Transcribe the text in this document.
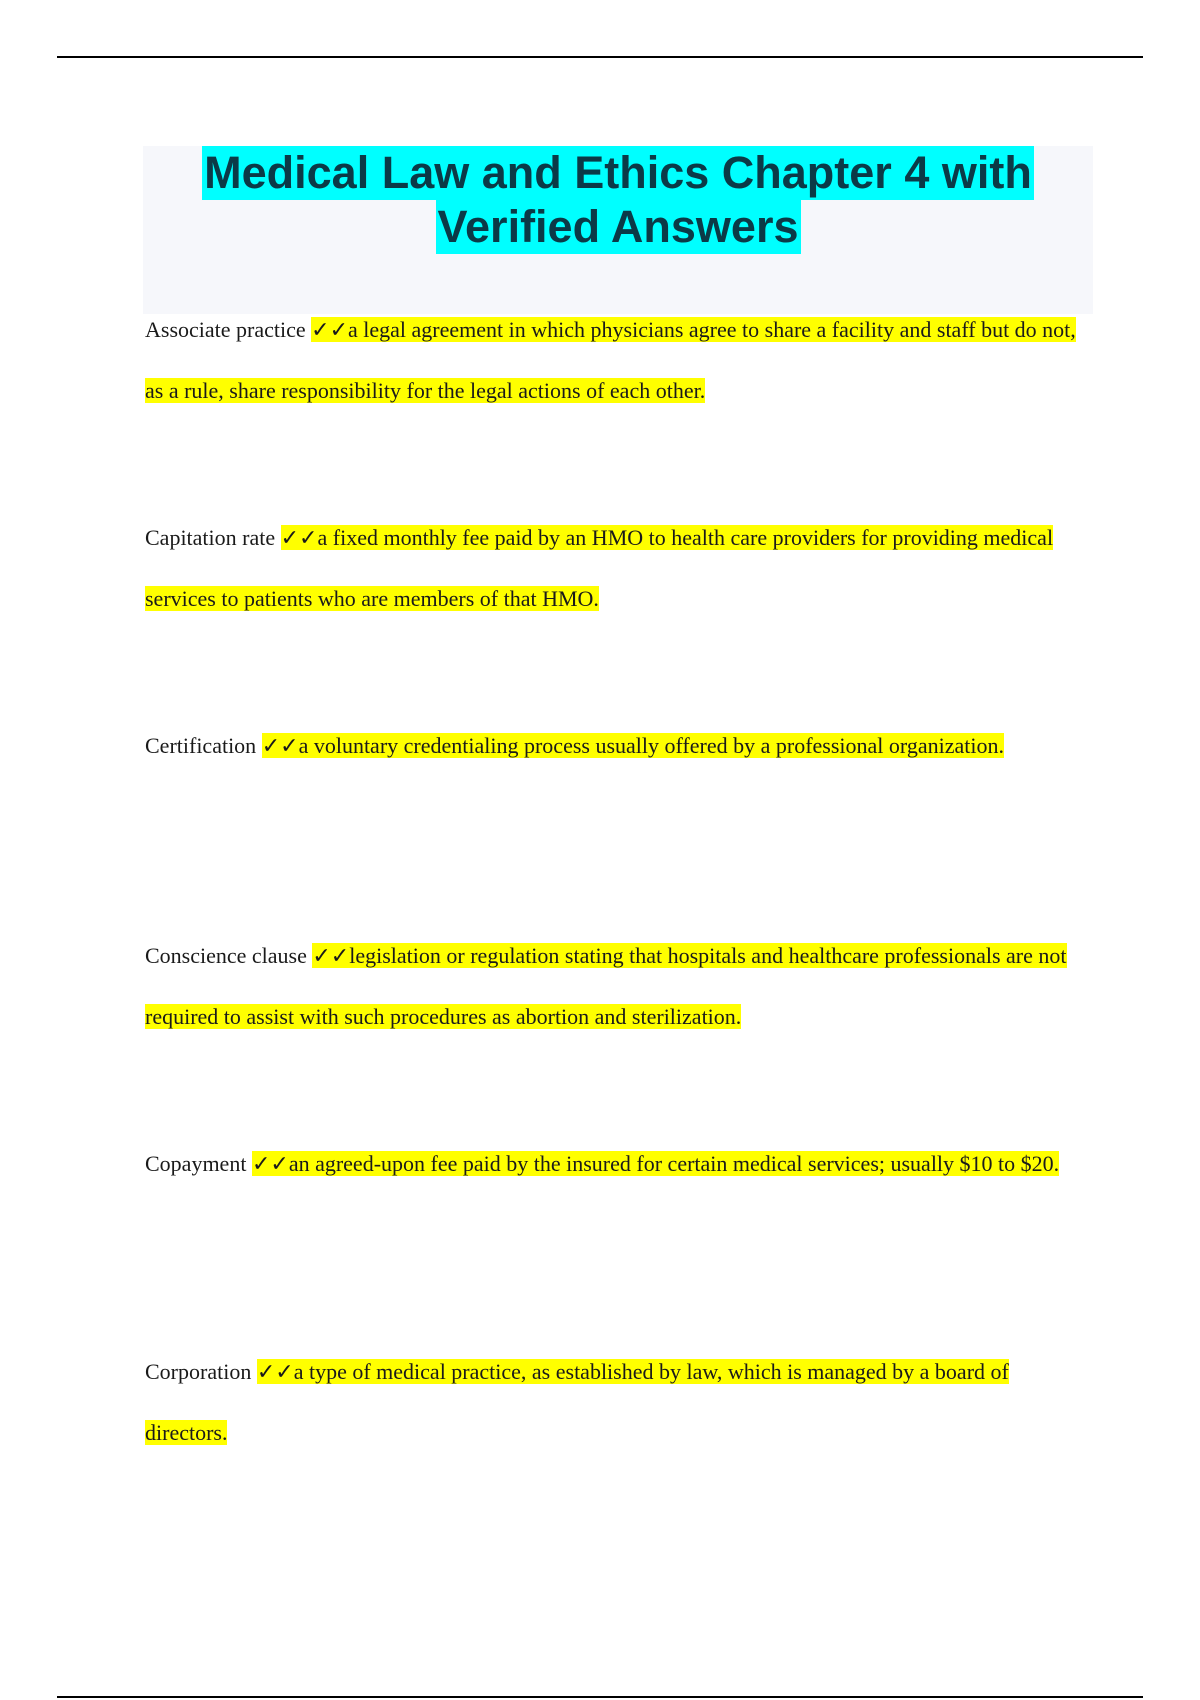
Medical Law and Ethics Chapter 4 with
Verified Answers
Associate practice ✓✓a legal agreement in which physicians agree to share a facility and staff but do not, as a rule, share responsibility for the legal actions of each other.
Capitation rate ✓✓a fixed monthly fee paid by an HMO to health care providers for providing medical services to patients who are members of that HMO.
Certification ✓✓a voluntary credentialing process usually offered by a professional organization.
Conscience clause ✓✓legislation or regulation stating that hospitals and healthcare professionals are not required to assist with such procedures as abortion and sterilization.
Copayment ✓✓an agreed-upon fee paid by the insured for certain medical services; usually $10 to $20.
Corporation ✓✓a type of medical practice, as established by law, which is managed by a board of directors.
